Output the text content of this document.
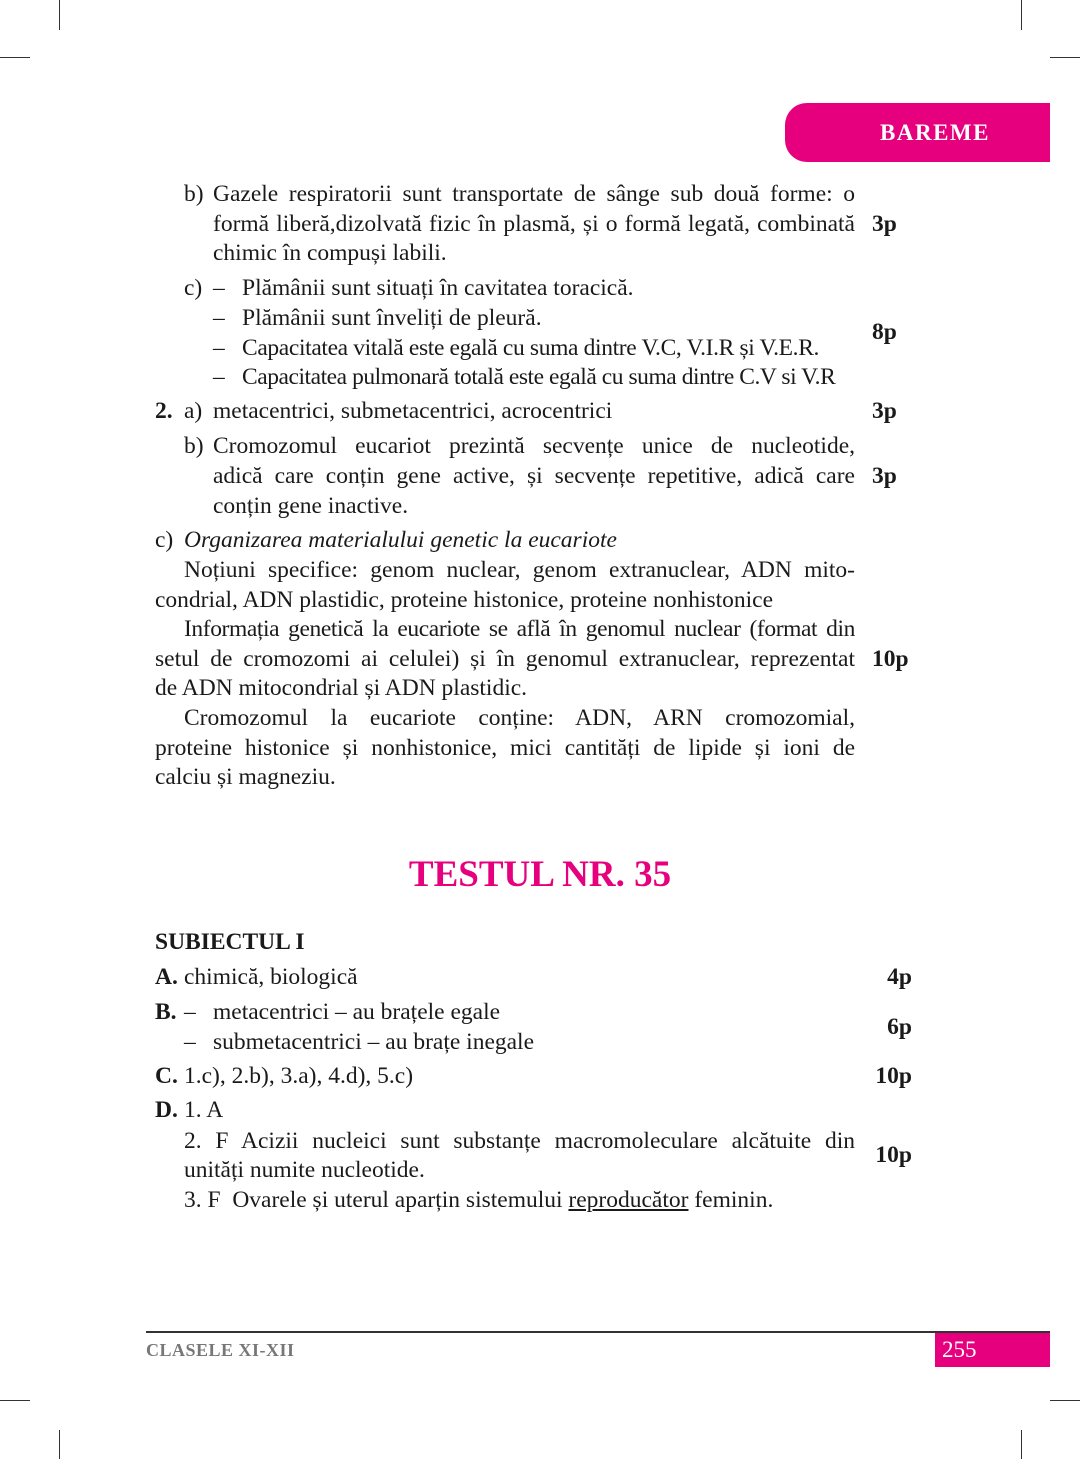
BAREME
b) Gazele respiratorii sunt transportate de sânge sub două forme: o
formă liberă,dizolvată fizic în plasmă, și o formă legată, combinată
chimic în compuși labili.
3p
c) – Plămânii sunt situați în cavitatea toracică.
– Plămânii sunt înveliți de pleură.
– Capacitatea vitală este egală cu suma dintre V.C, V.I.R și V.E.R.
– Capacitatea pulmonară totală este egală cu suma dintre C.V si V.R
8p
2. a) metacentrici, submetacentrici, acrocentrici	3p
b) Cromozomul eucariot prezintă secvențe unice de nucleotide,
adică care conțin gene active, și secvențe repetitive, adică care
conțin gene inactive.
3p
c) Organizarea materialului genetic la eucariote
Noțiuni specifice: genom nuclear, genom extranuclear, ADN mito-
condrial, ADN plastidic, proteine histonice, proteine nonhistonice
Informația genetică la eucariote se află în genomul nuclear (format din
setul de cromozomi ai celulei) și în genomul extranuclear, reprezentat
de ADN mitocondrial și ADN plastidic.
Cromozomul la eucariote conține: ADN, ARN cromozomial,
proteine histonice și nonhistonice, mici cantități de lipide și ioni de
calciu și magneziu.
10p
TESTUL NR. 35
SUBIECTUL I
A. chimică, biologică	4p
B. – metacentrici – au brațele egale
– submetacentrici – au brațe inegale
6p
C. 1.c), 2.b), 3.a), 4.d), 5.c)	10p
D. 1. A
2. F Acizii nucleici sunt substanțe macromoleculare alcătuite din
unități numite nucleotide.
3. F  Ovarele și uterul aparțin sistemului reproducător feminin.
10p
CLASELE XI-XII	255
